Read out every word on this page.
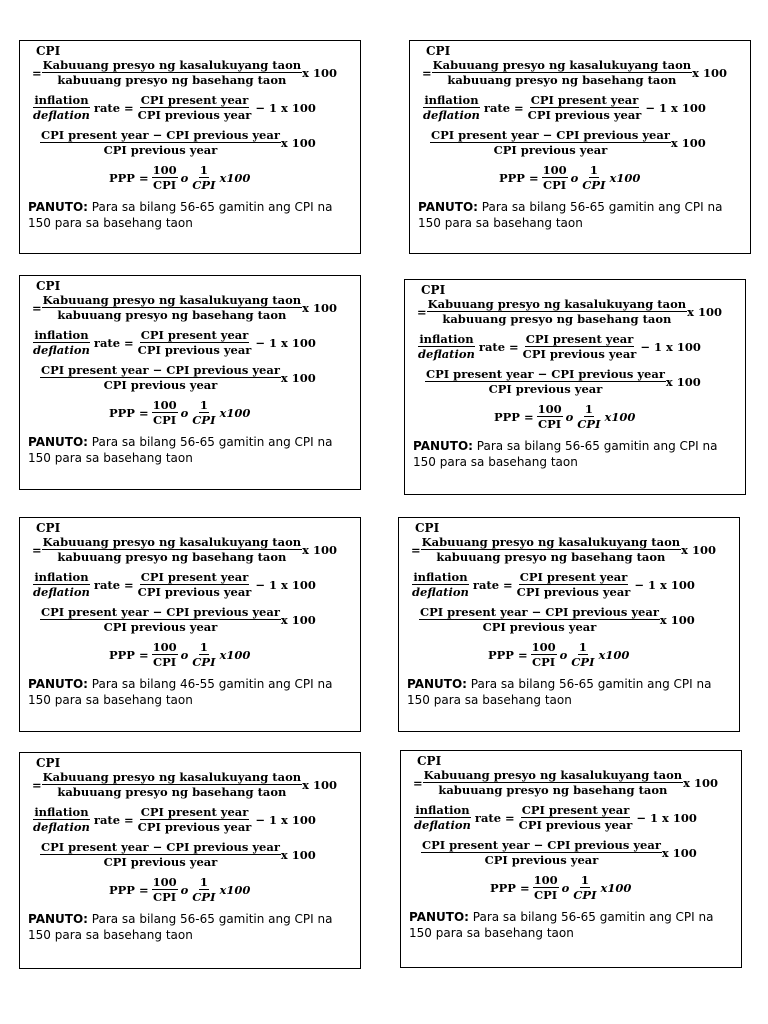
CPI
= $\frac{\text{Kabuuang presyo ng kasalukuyang taon}}{\text{kabuuang presyo ng basehang taon}}$ x 100
$\frac{\text{inflation}}{\text{deflation}}$ rate = $\frac{\text{CPI present year}}{\text{CPI previous year}} - 1$ x 100
$\frac{\text{CPI present year − CPI previous year}}{\text{CPI previous year}}$ x 100
PPP = $\frac{100}{\text{CPI}}$ o $\frac{1}{\text{CPI}} x100$
PANUTO: Para sa bilang 56-65 gamitin ang CPI na 150 para sa basehang taon
CPI
= $\frac{\text{Kabuuang presyo ng kasalukuyang taon}}{\text{kabuuang presyo ng basehang taon}}$ x 100
$\frac{\text{inflation}}{\text{deflation}}$ rate = $\frac{\text{CPI present year}}{\text{CPI previous year}} - 1$ x 100
$\frac{\text{CPI present year − CPI previous year}}{\text{CPI previous year}}$ x 100
PPP = $\frac{100}{\text{CPI}}$ o $\frac{1}{\text{CPI}} x100$
PANUTO: Para sa bilang 56-65 gamitin ang CPI na 150 para sa basehang taon
CPI
= $\frac{\text{Kabuuang presyo ng kasalukuyang taon}}{\text{kabuuang presyo ng basehang taon}}$ x 100
$\frac{\text{inflation}}{\text{deflation}}$ rate = $\frac{\text{CPI present year}}{\text{CPI previous year}} - 1$ x 100
$\frac{\text{CPI present year − CPI previous year}}{\text{CPI previous year}}$ x 100
PPP = $\frac{100}{\text{CPI}}$ o $\frac{1}{\text{CPI}} x100$
PANUTO: Para sa bilang 56-65 gamitin ang CPI na 150 para sa basehang taon
CPI
= $\frac{\text{Kabuuang presyo ng kasalukuyang taon}}{\text{kabuuang presyo ng basehang taon}}$ x 100
$\frac{\text{inflation}}{\text{deflation}}$ rate = $\frac{\text{CPI present year}}{\text{CPI previous year}} - 1$ x 100
$\frac{\text{CPI present year − CPI previous year}}{\text{CPI previous year}}$ x 100
PPP = $\frac{100}{\text{CPI}}$ o $\frac{1}{\text{CPI}} x100$
PANUTO: Para sa bilang 56-65 gamitin ang CPI na 150 para sa basehang taon
CPI
= $\frac{\text{Kabuuang presyo ng kasalukuyang taon}}{\text{kabuuang presyo ng basehang taon}}$ x 100
$\frac{\text{inflation}}{\text{deflation}}$ rate = $\frac{\text{CPI present year}}{\text{CPI previous year}} - 1$ x 100
$\frac{\text{CPI present year − CPI previous year}}{\text{CPI previous year}}$ x 100
PPP = $\frac{100}{\text{CPI}}$ o $\frac{1}{\text{CPI}} x100$
PANUTO: Para sa bilang 46-55 gamitin ang CPI na 150 para sa basehang taon
CPI
= $\frac{\text{Kabuuang presyo ng kasalukuyang taon}}{\text{kabuuang presyo ng basehang taon}}$ x 100
$\frac{\text{inflation}}{\text{deflation}}$ rate = $\frac{\text{CPI present year}}{\text{CPI previous year}} - 1$ x 100
$\frac{\text{CPI present year − CPI previous year}}{\text{CPI previous year}}$ x 100
PPP = $\frac{100}{\text{CPI}}$ o $\frac{1}{\text{CPI}} x100$
PANUTO: Para sa bilang 56-65 gamitin ang CPI na 150 para sa basehang taon
CPI
= $\frac{\text{Kabuuang presyo ng kasalukuyang taon}}{\text{kabuuang presyo ng basehang taon}}$ x 100
$\frac{\text{inflation}}{\text{deflation}}$ rate = $\frac{\text{CPI present year}}{\text{CPI previous year}} - 1$ x 100
$\frac{\text{CPI present year − CPI previous year}}{\text{CPI previous year}}$ x 100
PPP = $\frac{100}{\text{CPI}}$ o $\frac{1}{\text{CPI}} x100$
PANUTO: Para sa bilang 56-65 gamitin ang CPI na 150 para sa basehang taon
CPI
= $\frac{\text{Kabuuang presyo ng kasalukuyang taon}}{\text{kabuuang presyo ng basehang taon}}$ x 100
$\frac{\text{inflation}}{\text{deflation}}$ rate = $\frac{\text{CPI present year}}{\text{CPI previous year}} - 1$ x 100
$\frac{\text{CPI present year − CPI previous year}}{\text{CPI previous year}}$ x 100
PPP = $\frac{100}{\text{CPI}}$ o $\frac{1}{\text{CPI}} x100$
PANUTO: Para sa bilang 56-65 gamitin ang CPI na 150 para sa basehang taon
